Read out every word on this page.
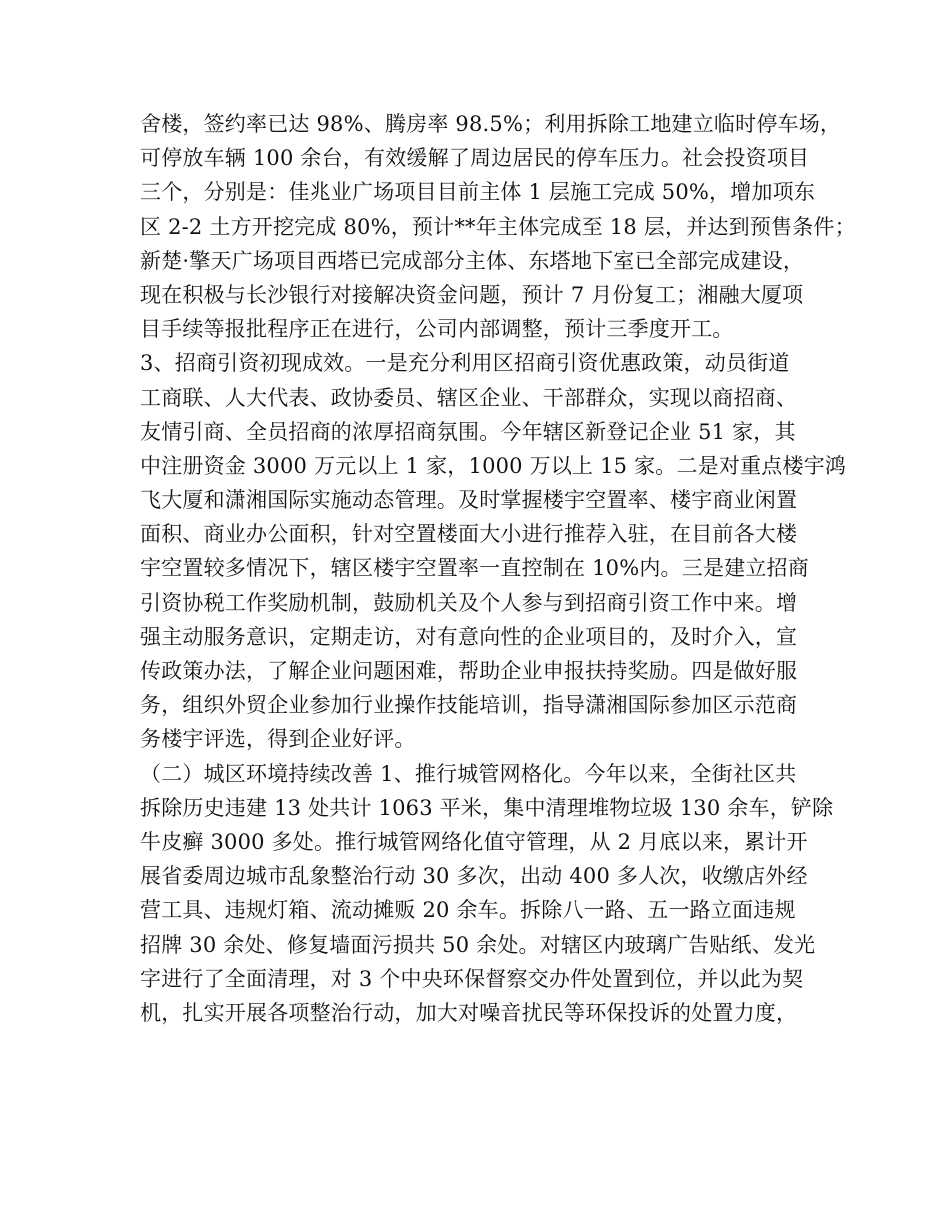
舍楼，签约率已达 98%、腾房率 98.5%；利用拆除工地建立临时停车场，
可停放车辆 100 余台，有效缓解了周边居民的停车压力。社会投资项目
三个，分别是：佳兆业广场项目目前主体 1 层施工完成 50%，增加项东
区 2-2 土方开挖完成 80%，预计**年主体完成至 18 层，并达到预售条件；
新楚·擎天广场项目西塔已完成部分主体、东塔地下室已全部完成建设，
现在积极与长沙银行对接解决资金问题，预计 7 月份复工；湘融大厦项
目手续等报批程序正在进行，公司内部调整，预计三季度开工。
3、招商引资初现成效。一是充分利用区招商引资优惠政策，动员街道
工商联、人大代表、政协委员、辖区企业、干部群众，实现以商招商、
友情引商、全员招商的浓厚招商氛围。今年辖区新登记企业 51 家，其
中注册资金 3000 万元以上 1 家，1000 万以上 15 家。二是对重点楼宇鸿
飞大厦和潇湘国际实施动态管理。及时掌握楼宇空置率、楼宇商业闲置
面积、商业办公面积，针对空置楼面大小进行推荐入驻，在目前各大楼
宇空置较多情况下，辖区楼宇空置率一直控制在 10%内。三是建立招商
引资协税工作奖励机制，鼓励机关及个人参与到招商引资工作中来。增
强主动服务意识，定期走访，对有意向性的企业项目的，及时介入，宣
传政策办法，了解企业问题困难，帮助企业申报扶持奖励。四是做好服
务，组织外贸企业参加行业操作技能培训，指导潇湘国际参加区示范商
务楼宇评选，得到企业好评。
（二）城区环境持续改善 1、推行城管网格化。今年以来，全街社区共
拆除历史违建 13 处共计 1063 平米，集中清理堆物垃圾 130 余车，铲除
牛皮癣 3000 多处。推行城管网络化值守管理，从 2 月底以来，累计开
展省委周边城市乱象整治行动 30 多次，出动 400 多人次，收缴店外经
营工具、违规灯箱、流动摊贩 20 余车。拆除八一路、五一路立面违规
招牌 30 余处、修复墙面污损共 50 余处。对辖区内玻璃广告贴纸、发光
字进行了全面清理，对 3 个中央环保督察交办件处置到位，并以此为契
机，扎实开展各项整治行动，加大对噪音扰民等环保投诉的处置力度，
